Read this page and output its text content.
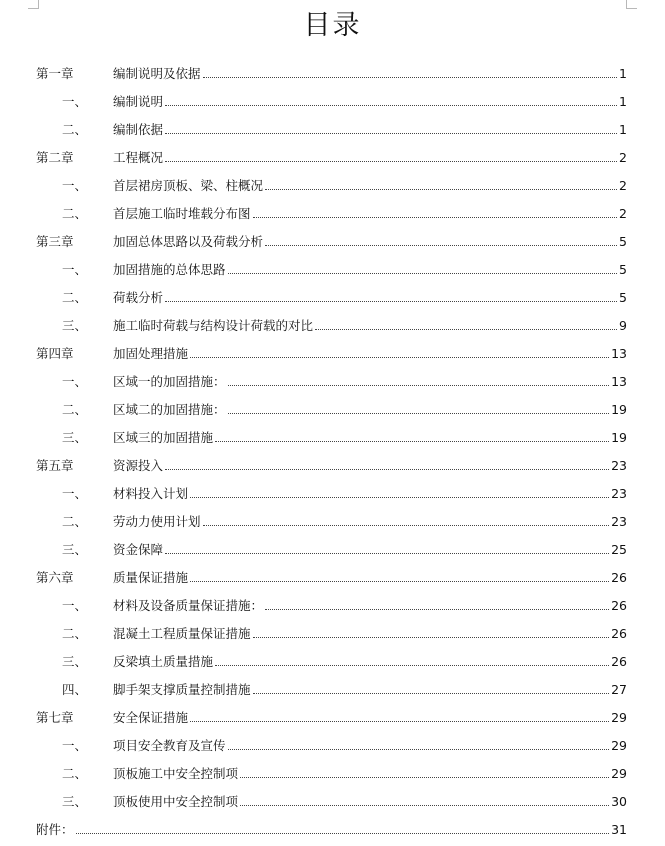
目录
第一章	编制说明及依据	1
一、	编制说明	1
二、	编制依据	1
第二章	工程概况	2
一、	首层裙房顶板、梁、柱概况	2
二、	首层施工临时堆载分布图	2
第三章	加固总体思路以及荷载分析	5
一、	加固措施的总体思路	5
二、	荷载分析	5
三、	施工临时荷载与结构设计荷载的对比	9
第四章	加固处理措施	13
一、	区域一的加固措施：	13
二、	区域二的加固措施：	19
三、	区域三的加固措施	19
第五章	资源投入	23
一、	材料投入计划	23
二、	劳动力使用计划	23
三、	资金保障	25
第六章	质量保证措施	26
一、	材料及设备质量保证措施：	26
二、	混凝土工程质量保证措施	26
三、	反梁填土质量措施	26
四、	脚手架支撑质量控制措施	27
第七章	安全保证措施	29
一、	项目安全教育及宣传	29
二、	顶板施工中安全控制项	29
三、	顶板使用中安全控制项	30
附件：	31
